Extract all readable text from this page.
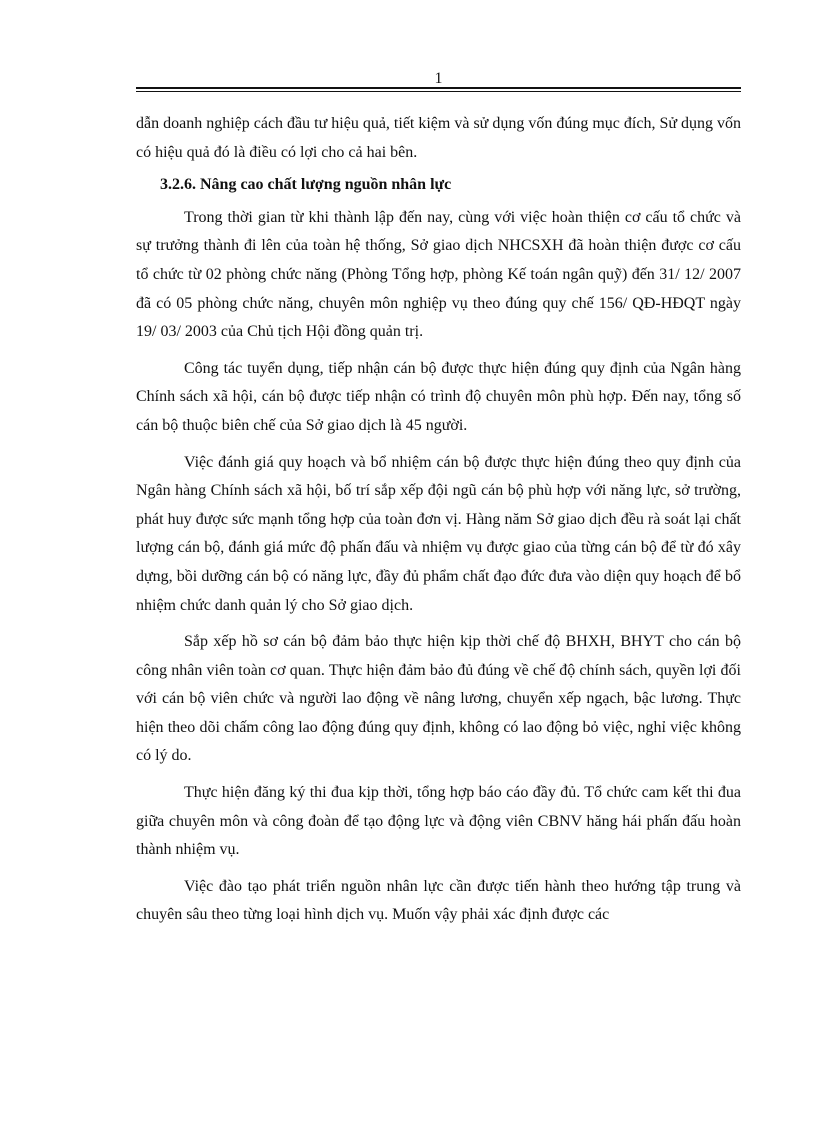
1

dẫn doanh nghiệp cách đầu tư hiệu quả, tiết kiệm và sử dụng vốn đúng mục đích, Sử dụng vốn có hiệu quả đó là điều có lợi cho cả hai bên.

3.2.6. Nâng cao chất lượng nguồn nhân lực

Trong thời gian từ khi thành lập đến nay, cùng với việc hoàn thiện cơ cấu tổ chức và sự trưởng thành đi lên của toàn hệ thống, Sở giao dịch NHCSXH đã hoàn thiện được cơ cấu tổ chức từ 02 phòng chức năng (Phòng Tổng hợp, phòng Kế toán ngân quỹ) đến 31/ 12/ 2007 đã có 05 phòng chức năng, chuyên môn nghiệp vụ theo đúng quy chế 156/ QĐ-HĐQT ngày 19/ 03/ 2003 của Chủ tịch Hội đồng quản trị.

Công tác tuyển dụng, tiếp nhận cán bộ được thực hiện đúng quy định của Ngân hàng Chính sách xã hội, cán bộ được tiếp nhận có trình độ chuyên môn phù hợp. Đến nay, tổng số cán bộ thuộc biên chế của Sở giao dịch là 45 người.

Việc đánh giá quy hoạch và bổ nhiệm cán bộ được thực hiện đúng theo quy định của Ngân hàng Chính sách xã hội, bố trí sắp xếp đội ngũ cán bộ phù hợp với năng lực, sở trường, phát huy được sức mạnh tổng hợp của toàn đơn vị. Hàng năm Sở giao dịch đều rà soát lại chất lượng cán bộ, đánh giá mức độ phấn đấu và nhiệm vụ được giao của từng cán bộ để từ đó xây dựng, bồi dưỡng cán bộ có năng lực, đầy đủ phẩm chất đạo đức đưa vào diện quy hoạch để bổ nhiệm chức danh quản lý cho Sở giao dịch.

Sắp xếp hồ sơ cán bộ đảm bảo thực hiện kịp thời chế độ BHXH, BHYT cho cán bộ công nhân viên toàn cơ quan. Thực hiện đảm bảo đủ đúng về chế độ chính sách, quyền lợi đối với cán bộ viên chức và người lao động về nâng lương, chuyển xếp ngạch, bậc lương. Thực hiện theo dõi chấm công lao động đúng quy định, không có lao động bỏ việc, nghỉ việc không có lý do.

Thực hiện đăng ký thi đua kịp thời, tổng hợp báo cáo đầy đủ. Tổ chức cam kết thi đua giữa chuyên môn và công đoàn để tạo động lực và động viên CBNV hăng hái phấn đấu hoàn thành nhiệm vụ.

Việc đào tạo phát triển nguồn nhân lực cần được tiến hành theo hướng tập trung và chuyên sâu theo từng loại hình dịch vụ. Muốn vậy phải xác định được các
